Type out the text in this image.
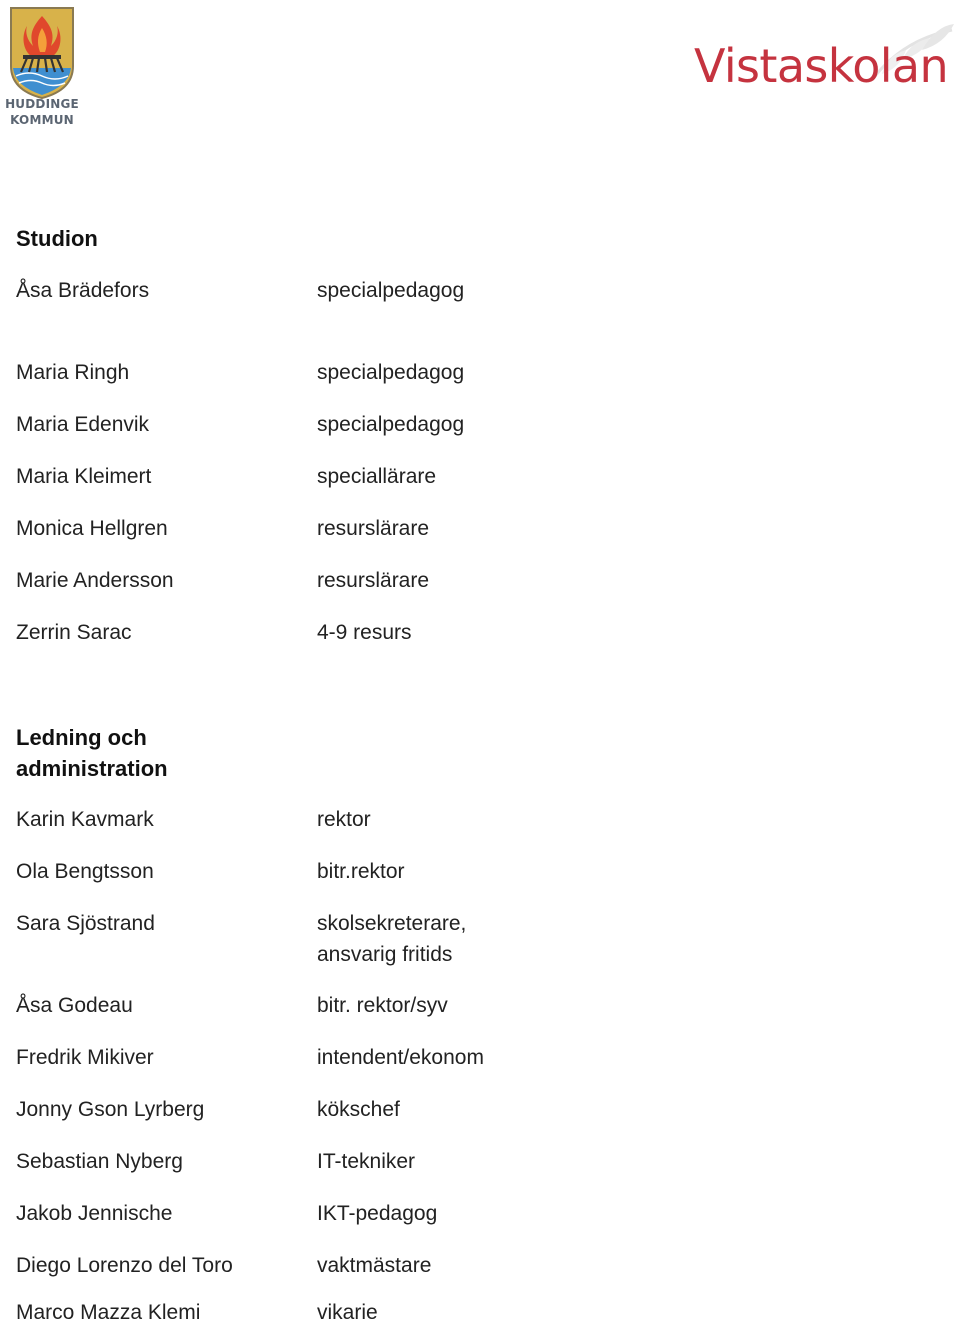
HUDDINGE
KOMMUN
Vistaskolan
Studion
Åsa Brädefors	specialpedagog
Maria Ringh	specialpedagog
Maria Edenvik	specialpedagog
Maria Kleimert	speciallärare
Monica Hellgren	resurslärare
Marie Andersson	resurslärare
Zerrin Sarac	4-9 resurs
Ledning och
administration
Karin Kavmark	rektor
Ola Bengtsson	bitr.rektor
Sara Sjöstrand	skolsekreterare,
ansvarig fritids
Åsa Godeau	bitr. rektor/syv
Fredrik Mikiver	intendent/ekonom
Jonny Gson Lyrberg	kökschef
Sebastian Nyberg	IT-tekniker
Jakob Jennische	IKT-pedagog
Diego Lorenzo del Toro	vaktmästare
Marco Mazza Klemi	vikarie
